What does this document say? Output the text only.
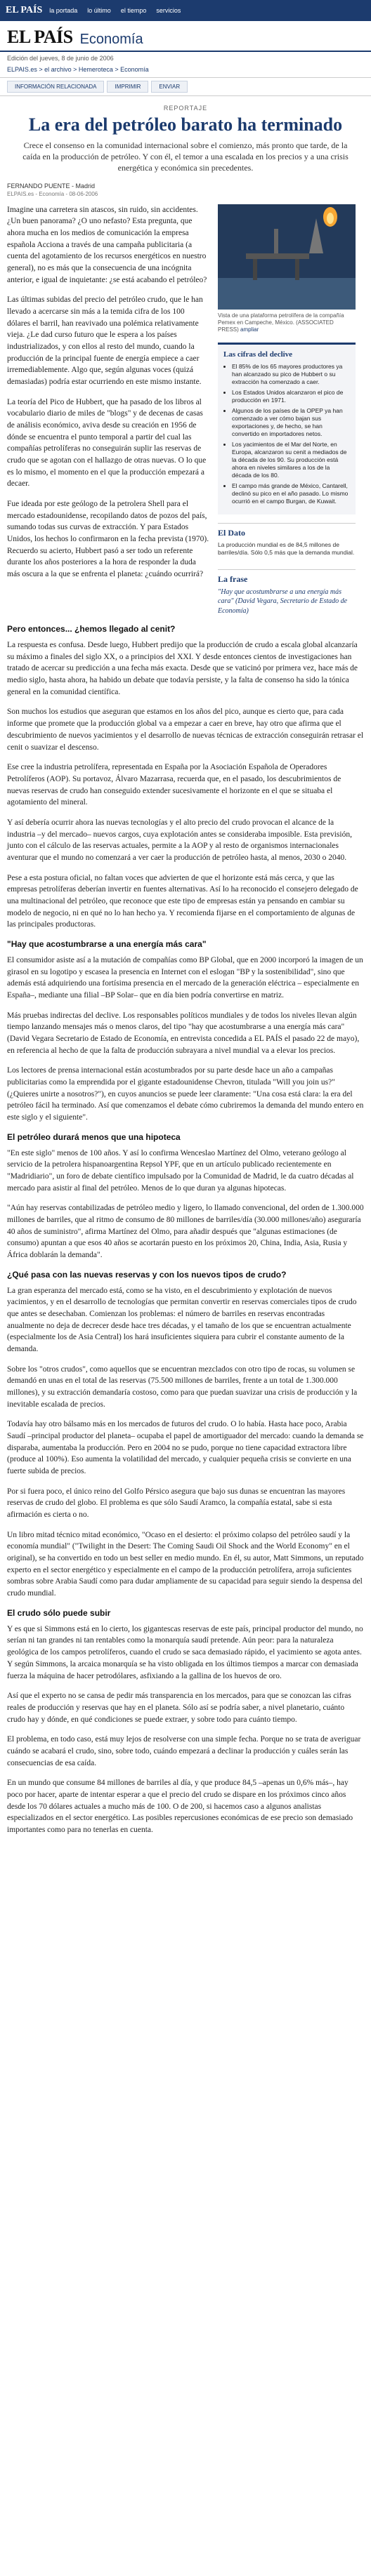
EL PAÍS la portada lo último el tiempo servicios
EL PAÍS Economía
Edición del jueves, 8 de junio de 2006
ELPAIS.es > el archivo > Hemeroteca > Economía
INFORMACIÓN RELACIONADA	IMPRIMIR	ENVIAR
REPORTAJE
La era del petróleo barato ha terminado
Crece el consenso en la comunidad internacional sobre el comienzo, más pronto que tarde, de la caída en la producción de petróleo. Y con él, el temor a una escalada en los precios y a una crisis energética y económica sin precedentes.
FERNANDO PUENTE - Madrid
ELPAIS.es - Economía - 08-06-2006

Imagine una carretera sin atascos, sin ruido, sin accidentes. ¿Un buen panorama? ¿O uno nefasto? Esta pregunta, que ahora mucha en los medios de comunicación la empresa española Acciona a través de una campaña publicitaria (a cuenta del agotamiento de los recursos energéticos en nuestro general), no es más que la consecuencia de una incógnita anterior, e igual de inquietante: ¿se está acabando el petróleo?

Las últimas subidas del precio del petróleo crudo, que le han llevado a acercarse sin más a la temida cifra de los 100 dólares el barril, han reavivado una polémica relativamente vieja. ¿Le dad curso futuro que le espera a los países industrializados, y con ellos al resto del mundo, cuando la producción de la principal fuente de energía empiece a caer irremediablemente. Algo que, según algunas voces (quizá demasiadas) podría estar ocurriendo en este mismo instante.

La teoría del Pico de Hubbert, que ha pasado de los libros al vocabulario diario de miles de "blogs" y de decenas de casas de análisis económico, aviva desde su creación en 1956 de dónde se encuentra el punto temporal a partir del cual las compañías petrolíferas no conseguirán suplir las reservas de crudo que se agotan con el hallazgo de otras nuevas. O lo que es lo mismo, el momento en el que la producción empezará a decaer.

Fue ideada por este geólogo de la petrolera Shell para el mercado estadounidense, recopilando datos de pozos del país, sumando todas sus curvas de extracción. Y para Estados Unidos, los hechos lo confirmaron en la fecha prevista (1970). Recuerdo su acierto, Hubbert pasó a ser todo un referente durante los años posteriores a la hora de responder la duda más oscura a la que se enfrenta el planeta: ¿cuándo ocurrirá?

Vista de una plataforma petrolífera de la compañía Pemex en Campeche, México. (ASSOCIATED PRESS) ampliar
Las cifras del declive
• El 85% de los 65 mayores productores ya han alcanzado su pico de Hubbert o su extracción ha comenzado a caer.
• Los Estados Unidos alcanzaron el pico de producción en 1971.
• Algunos de los países de la OPEP ya han comenzado a ver cómo bajan sus exportaciones y, de hecho, se han convertido en importadores netos.
• Los yacimientos de el Mar del Norte, en Europa, alcanzaron su cenit a mediados de la década de los 90. Su producción está ahora en niveles similares a los de la década de los 80.
• El campo más grande de México, Cantarell, declinó su pico en el año pasado. Lo mismo ocurrió en el campo Burgan, de Kuwait.
El Dato

La producción mundial es de 84,5 millones de barriles/día. Sólo 0,5 más que la demanda mundial.

La frase

"Hay que acostumbrarse a una energía más cara" (David Vegara, Secretario de Estado de Economía)

Pero entonces... ¿hemos llegado al cenit?

La respuesta es confusa. Desde luego, Hubbert predijo que la producción de crudo a escala global alcanzaría su máximo a finales del siglo XX, o a principios del XXI. Y desde entonces cientos de investigaciones han tratado de acercar su predicción a una fecha más exacta. Desde que se vaticinó por primera vez, hace más de medio siglo, hasta ahora, ha habido un debate que todavía persiste, y la falta de consenso ha sido la tónica general en la comunidad científica.

Son muchos los estudios que aseguran que estamos en los años del pico, aunque es cierto que, para cada informe que promete que la producción global va a empezar a caer en breve, hay otro que afirma que el descubrimiento de nuevos yacimientos y el desarrollo de nuevas técnicas de extracción conseguirán retrasar el cenit o suavizar el descenso.

Ese cree la industria petrolífera, representada en España por la Asociación Española de Operadores Petrolíferos (AOP). Su portavoz, Álvaro Mazarrasa, recuerda que, en el pasado, los descubrimientos de nuevas reservas de crudo han conseguido extender sucesivamente el horizonte en el que se situaba el agotamiento del mineral.

Y así debería ocurrir ahora las nuevas tecnologías y el alto precio del crudo provocan el alcance de la industria –y del mercado– nuevos cargos, cuya explotación antes se consideraba imposible. Esta previsión, junto con el cálculo de las reservas actuales, permite a la AOP y al resto de organismos internacionales aventurar que el mundo no comenzará a ver caer la producción de petróleo hasta, al menos, 2030 o 2040.

Pese a esta postura oficial, no faltan voces que advierten de que el horizonte está más cerca, y que las empresas petrolíferas deberían invertir en fuentes alternativas. Así lo ha reconocido el consejero delegado de una multinacional del petróleo, que reconoce que este tipo de empresas están ya pensando en cambiar su modelo de negocio, ni en qué no lo han hecho ya. Y recomienda fijarse en el comportamiento de algunas de las principales productoras.

"Hay que acostumbrarse a una energía más cara"

El consumidor asiste así a la mutación de compañías como BP Global, que en 2000 incorporó la imagen de un girasol en su logotipo y escasea la presencia en Internet con el eslogan "BP y la sostenibilidad", sino que además está adquiriendo una fortísima presencia en el mercado de la generación eléctrica – especialmente en España–, mediante una filial –BP Solar– que en día bien podría convertirse en matriz.

Más pruebas indirectas del declive. Los responsables políticos mundiales y de todos los niveles llevan algún tiempo lanzando mensajes más o menos claros, del tipo "hay que acostumbrarse a una energía más cara" (David Vegara Secretario de Estado de Economía, en entrevista concedida a EL PAÍS el pasado 22 de mayo), en referencia al hecho de que la falta de producción subrayara a nivel mundial va a elevar los precios.

Los lectores de prensa internacional están acostumbrados por su parte desde hace un año a campañas publicitarias como la emprendida por el gigante estadounidense Chevron, titulada "Will you join us?" (¿Quieres unirte a nosotros?"), en cuyos anuncios se puede leer claramente: "Una cosa está clara: la era del petróleo fácil ha terminado. Así que comenzamos el debate cómo cubriremos la demanda del mundo entero en este siglo y el siguiente".

El petróleo durará menos que una hipoteca

"En este siglo" menos de 100 años. Y así lo confirma Wenceslao Martínez del Olmo, veterano geólogo al servicio de la petrolera hispanoargentina Repsol YPF, que en un artículo publicado recientemente en "Madridiario", un foro de debate científico impulsado por la Comunidad de Madrid, le da cuatro décadas al mercado para asistir al final del petróleo. Menos de lo que duran ya algunas hipotecas.

"Aún hay reservas contabilizadas de petróleo medio y ligero, lo llamado convencional, del orden de 1.300.000 millones de barriles, que al ritmo de consumo de 80 millones de barriles/día (30.000 millones/año) aseguraría 40 años de suministro", afirma Martínez del Olmo, para añadir después que "algunas estimaciones (de consumo) apuntan a que esos 40 años se acortarán puesto en los próximos 20, China, India, Asia, Rusia y África doblarán la demanda".

¿Qué pasa con las nuevas reservas y con los nuevos tipos de crudo?

La gran esperanza del mercado está, como se ha visto, en el descubrimiento y explotación de nuevos yacimientos, y en el desarrollo de tecnologías que permitan convertir en reservas comerciales tipos de crudo que antes se desechaban. Comienzan los problemas: el número de barriles en reservas encontradas anualmente no deja de decrecer desde hace tres décadas, y el tamaño de los que se encuentran actualmente (especialmente los de Asia Central) los hará insuficientes siquiera para cubrir el constante aumento de la demanda.

Sobre los "otros crudos", como aquellos que se encuentran mezclados con otro tipo de rocas, su volumen se demandó en unas en el total de las reservas (75.500 millones de barriles, frente a un total de 1.300.000 millones), y su extracción demandaría costoso, como para que puedan suavizar una crisis de producción y la inevitable escalada de precios.

Todavía hay otro bálsamo más en los mercados de futuros del crudo. O lo había. Hasta hace poco, Arabia Saudí –principal productor del planeta– ocupaba el papel de amortiguador del mercado: cuando la demanda se disparaba, aumentaba la producción. Pero en 2004 no se pudo, porque no tiene capacidad extractora libre (produce al 100%). Eso aumenta la volatilidad del mercado, y cualquier pequeña crisis se convierte en una fuerte subida de precios.

Por si fuera poco, el único reino del Golfo Pérsico asegura que bajo sus dunas se encuentran las mayores reservas de crudo del globo. El problema es que sólo Saudí Aramco, la compañía estatal, sabe si esta afirmación es cierta o no.

Un libro mitad técnico mitad económico, "Ocaso en el desierto: el próximo colapso del petróleo saudí y la economía mundial" ("Twilight in the Desert: The Coming Saudi Oil Shock and the World Economy" en el original), se ha convertido en todo un best seller en medio mundo. En él, su autor, Matt Simmons, un reputado experto en el sector energético y especialmente en el campo de la producción petrolífera, arroja suficientes sombras sobre Arabia Saudí como para dudar ampliamente de su capacidad para seguir siendo la despensa del crudo mundial.

El crudo sólo puede subir

Y es que si Simmons está en lo cierto, los gigantescas reservas de este país, principal productor del mundo, no serían ni tan grandes ni tan rentables como la monarquía saudí pretende. Aún peor: para la naturaleza geológica de los campos petrolíferos, cuando el crudo se saca demasiado rápido, el yacimiento se agota antes. Y según Simmons, la arcaica monarquía se ha visto obligada en los últimos tiempos a marcar con demasiada fuerza la máquina de hacer petrodólares, asfixiando a la gallina de los huevos de oro.

Así que el experto no se cansa de pedir más transparencia en los mercados, para que se conozcan las cifras reales de producción y reservas que hay en el planeta. Sólo así se podría saber, a nivel planetario, cuánto crudo hay y dónde, en qué condiciones se puede extraer, y sobre todo para cuánto tiempo.

El problema, en todo caso, está muy lejos de resolverse con una simple fecha. Porque no se trata de averiguar cuándo se acabará el crudo, sino, sobre todo, cuándo empezará a declinar la producción y cuáles serán las consecuencias de esa caída.

En un mundo que consume 84 millones de barriles al día, y que produce 84,5 –apenas un 0,6% más–, hay poco por hacer, aparte de intentar esperar a que el precio del crudo se dispare en los próximos cinco años desde los 70 dólares actuales a mucho más de 100. O de 200, si hacemos caso a algunos analistas especializados en el sector energético. Las posibles repercusiones económicas de ese precio son demasiado importantes como para no tenerlas en cuenta.
